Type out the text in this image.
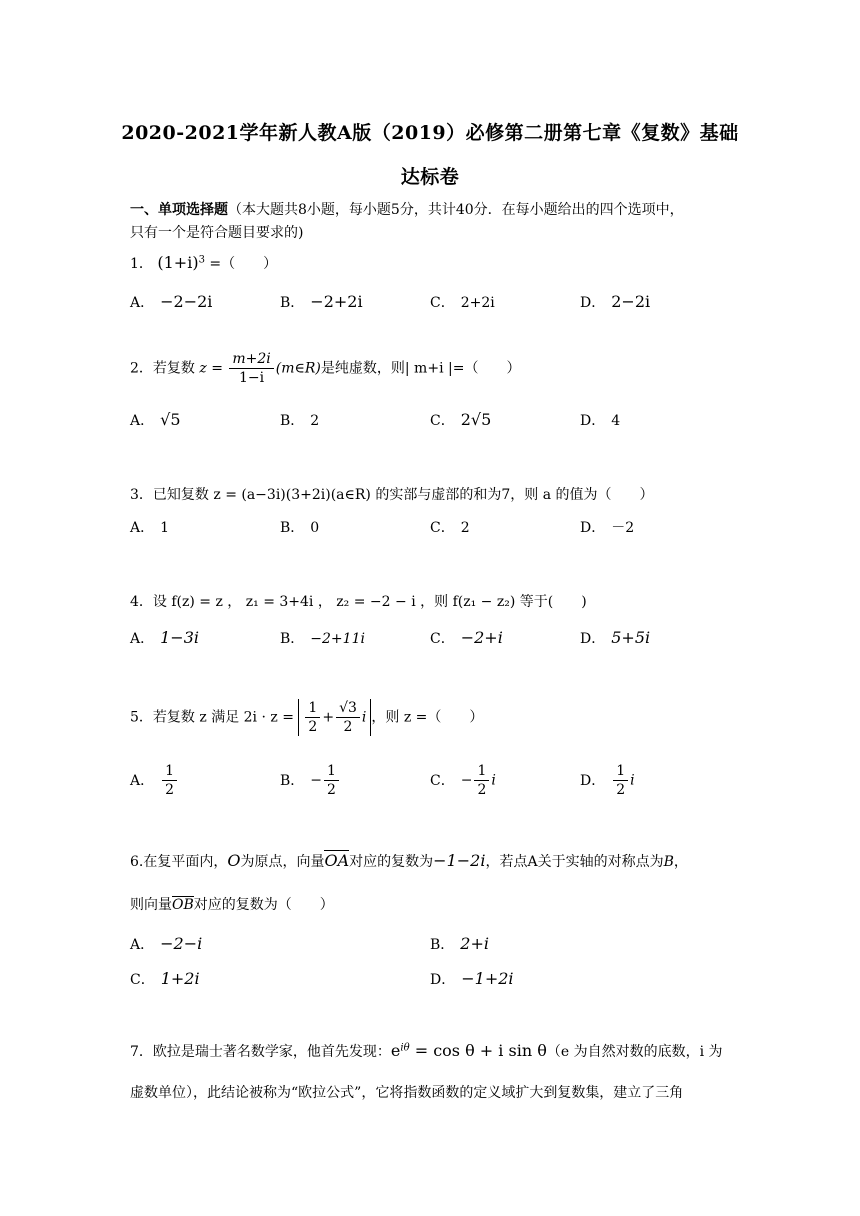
2020-2021学年新人教A版（2019）必修第二册第七章《复数》基础
达标卷
一、单项选择题（本大题共8小题，每小题5分，共计40分．在每小题给出的四个选项中，
只有一个是符合题目要求的)
1． $(1+i)^3$ =（　　）
A． −2−2i	B． −2+2i	C． 2+2i	D． 2−2i
2．若复数 $z = \frac{m+2i}{1-i}$ (m∈R)是纯虚数，则| m+i |=（　　）
A． √5	B． 2	C． 2√5	D． 4
3．已知复数 z = (a−3i)(3+2i)(a∈R) 的实部与虚部的和为7，则 a 的值为（　　）
A． 1	B． 0	C． 2	D． －2
4．设 f(z) = z ， z₁ = 3+4i ， z₂ = −2 − i ，则 f(z₁ − z₂) 等于(　　)
A． 1−3i	B． −2+11i	C． −2+i	D． 5+5i
5．若复数 z 满足 $2i \cdot z = \frac{1}{2} + \frac{√3}{2}$ i ，则 z =（　　）
A． $\frac{1}{2}$	B． − $\frac{1}{2}$	C． − $\frac{1}{2}$ i	D． $\frac{1}{2}$ i
6.在复平面内，O为原点，向量OA对应的复数为−1−2i，若点A关于实轴的对称点为B，
则向量OB对应的复数为（　　）
A． −2−i	B． 2+i
C． 1+2i	D． −1+2i
7．欧拉是瑞士著名数学家，他首先发现：$e^{i\theta} = \cos \theta + i$ sin θ（e 为自然对数的底数，i 为
虚数单位），此结论被称为“欧拉公式”，它将指数函数的定义域扩大到复数集，建立了三角
